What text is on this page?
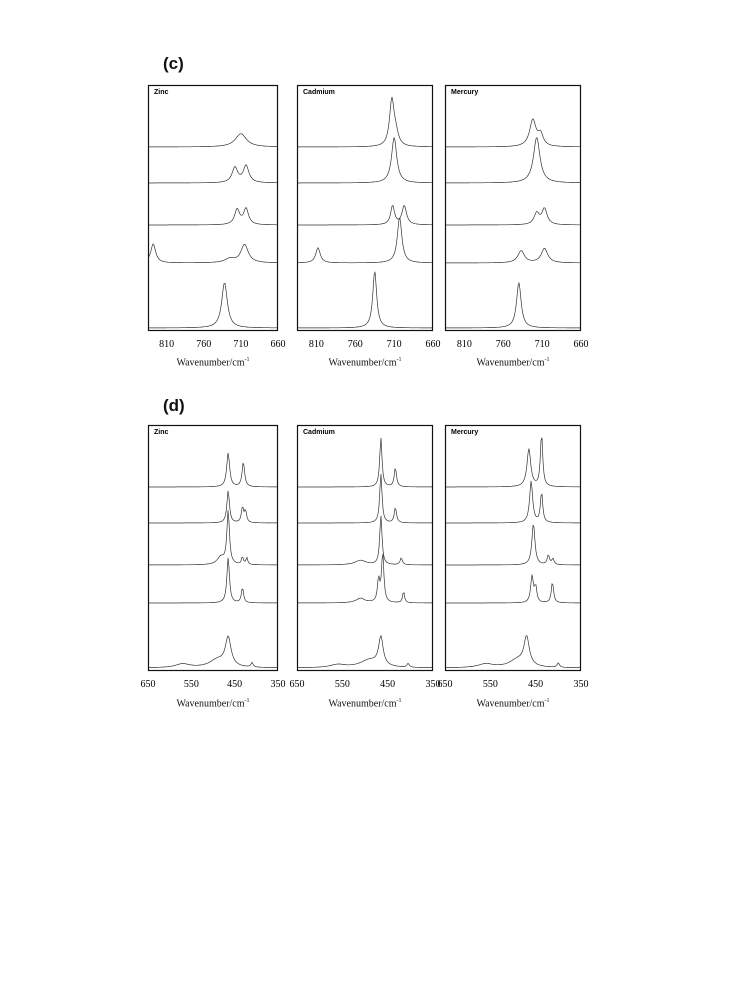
(c)
(d)
Zinc
810 760 710 660
Cadmium
810 760 710 660
Mercury
810 760 710 660
Zinc
650	550	450	350
Cadmium
650	550	450	350
Mercury
650	550	450	350
Wavenumber/$cm^{-1}$	Wavenumber/$cm^{-1}$	Wavenumber/$cm^{-1}$
Wavenumber/$cm^{-1}$	Wavenumber/$cm^{-1}$	Wavenumber/$cm^{-1}$
